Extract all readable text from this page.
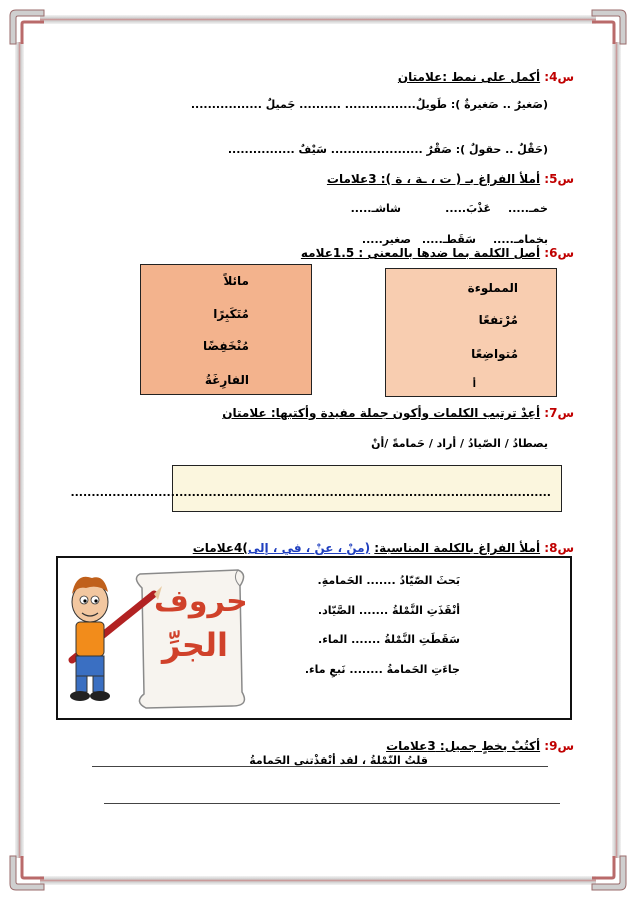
س4: أكمل على نمط :علامتان
(صَغيرٌ .. صَغيرةٌ ): طَويلٌ................. .......... جَميلٌ .................
(حَقْلٌ .. حقولٌ ): صَقْرٌ ...................... سَيْفٌ ................
س5: أملأ الفراغ بـ ( ت ، ـة ، ة ): 3علامات
خمـ.....
عَذْبَ.....
شاشـ.....
بخمامـ.....
سَقَطـ.....
صغير.....
س6: أصل الكلمة بما ضدها بالمعنى : 1.5علامه
المملوءة
مُرْتفعًا
مُتواضِعًا
أ
مائلاً
مُتَكَبِرًا
مُنْخَفِضًا
الفارِغَةُ
س7: أعِدْ ترتيب الكلمات وأكون جملة مفيدة وأكتبها: علامتان
يصطادُ / الصّيادُ / أراد / حَمامةً /أنْ
...................................................................................................................
س8: أملأ الفراغ بالكلمة المناسبة: (منْ ، عنْ ، في ، إلى)4علامات
بَحثَ الصّيّادُ ....... الحَمامةِ.
أنْقَذَتِ النَّمْلةُ ....... الصَّيّاد.
سَقَطَتِ النَّمْلةُ ....... الماء.
جاءَتِ الحَمامةُ ........ نَبعِ ماء.
حروف
الجرِّ
س9: أكتُبْ بخطٍ جميل: 3علامات
قلتُ النّمْلةُ ، لقد أنْقذْتني الحَمامةُ
